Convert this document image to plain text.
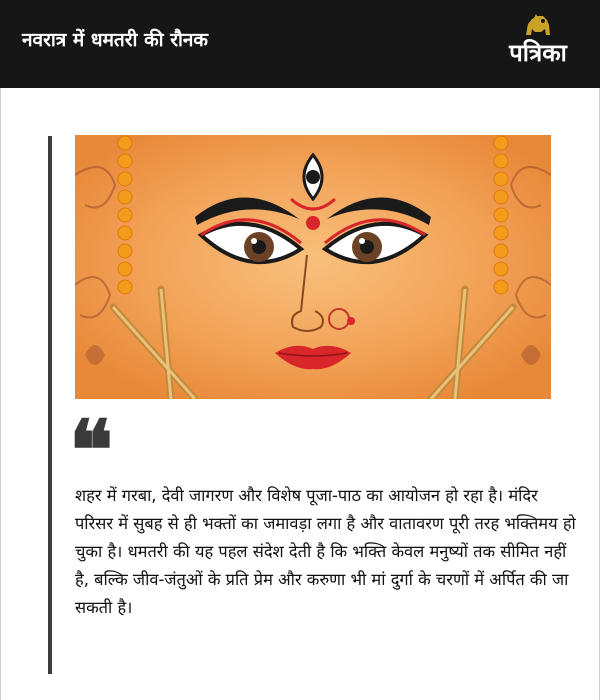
नवरात्र में धमतरी की रौनक	पत्रिका
❝
शहर में गरबा, देवी जागरण और विशेष पूजा-पाठ का आयोजन हो रहा है। मंदिर परिसर में सुबह से ही भक्तों का जमावड़ा लगा है और वातावरण पूरी तरह भक्तिमय हो चुका है। धमतरी की यह पहल संदेश देती है कि भक्ति केवल मनुष्यों तक सीमित नहीं है, बल्कि जीव-जंतुओं के प्रति प्रेम और करुणा भी मां दुर्गा के चरणों में अर्पित की जा सकती है।
